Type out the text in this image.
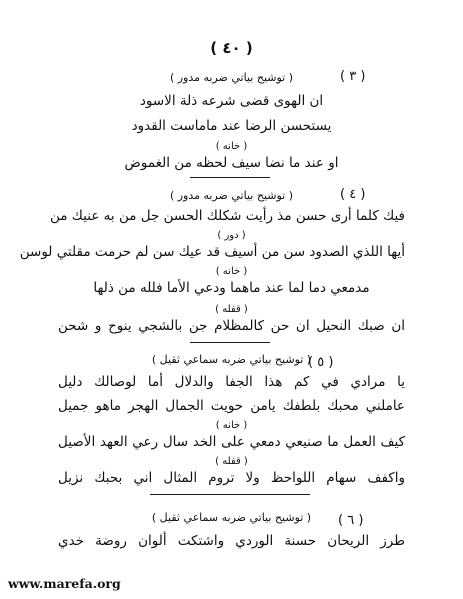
( ٤٠ )
( ٣ )
( توشيح بياتي ضربه مدور )
ان الهوى قضى شرعه ذلة الاسود
يستحسن الرضا عند ماماست القدود
( خانه )
او عند ما نضا سيف لحظه من الغموض
( ٤ )
( توشيح بياتي ضربه مدور )
فيك كلما أرى حسن مذ رأيت شكلك الحسن جل من به عنيك من
( دور )
أيها اللذي الصدود سن من أسيف قد عيك سن لم حرمت مقلتي لوسن
( خانه )
مدمعي دما لما عند ماهما ودعي الأما فلله من ذلها
( قفله )
ان صبك النحيل ان حن كالمظلام جن بالشجي ينوح و شحن
( ٥ )
( توشيح بياتي ضربه سماعي ثقيل )
يا مرادي في كم هذا الجفا والدلال أما لوصالك دليل
عاملني محبك بلطفك يامن حويت الجمال الهجر ماهو جميل
( خانه )
كيف العمل ما صنيعي دمعي على الخد سال رعي العهد الأصيل
( قفله )
واكفف سهام اللواحظ ولا تروم المثال اني بحبك نزيل
( ٦ )
( توشيح بياتي ضربه سماعي ثقيل )
طرز الريحان حسنة الوردي واشتكت ألوان روضة خدي
www.marefa.org
